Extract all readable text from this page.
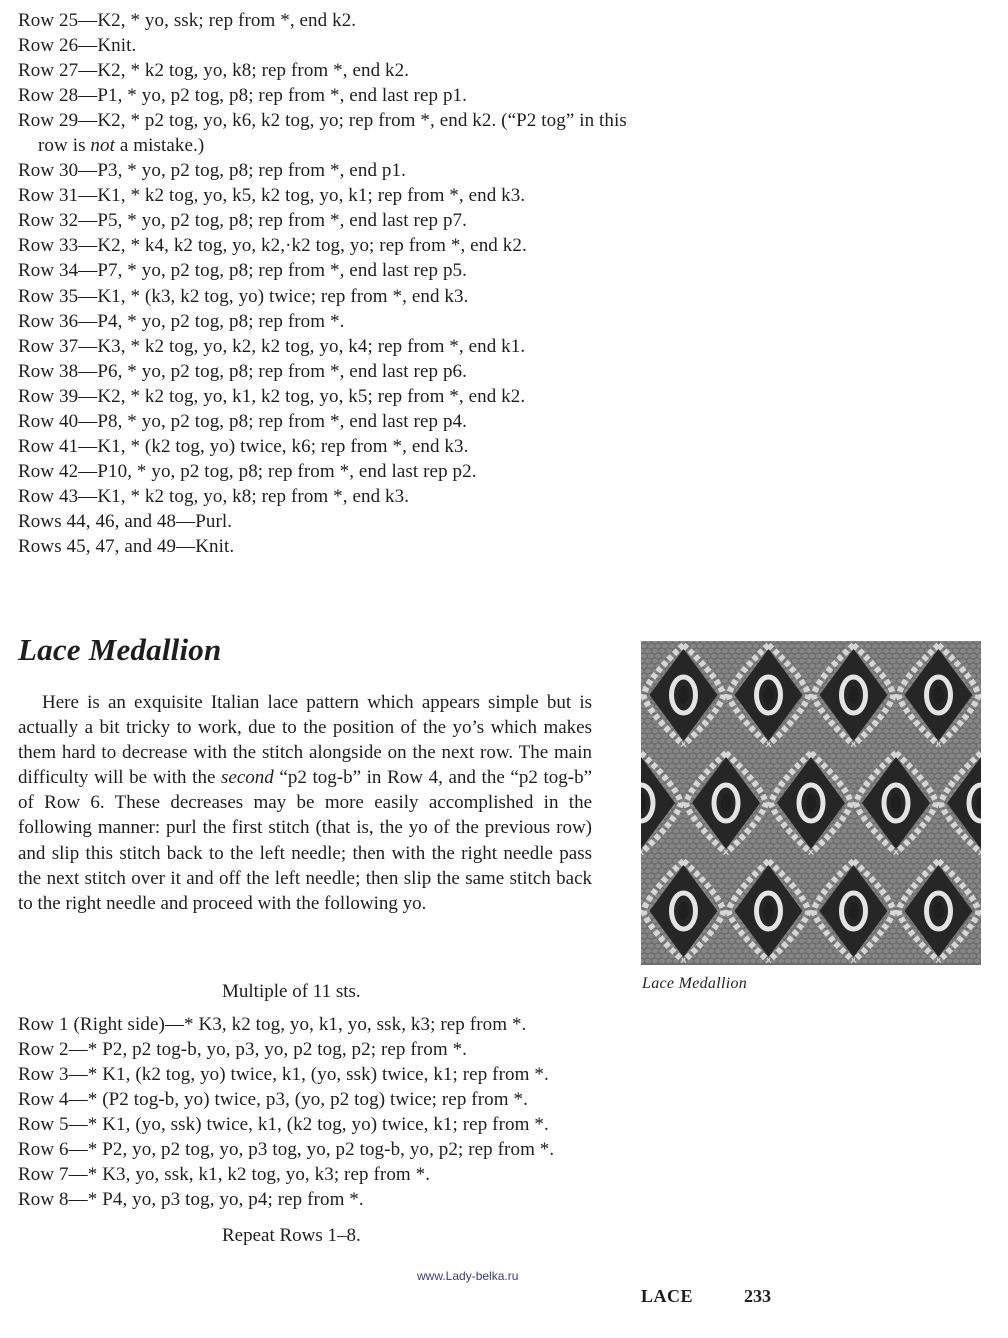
Row 25—K2, * yo, ssk; rep from *, end k2.
Row 26—Knit.
Row 27—K2, * k2 tog, yo, k8; rep from *, end k2.
Row 28—P1, * yo, p2 tog, p8; rep from *, end last rep p1.
Row 29—K2, * p2 tog, yo, k6, k2 tog, yo; rep from *, end k2. (“P2 tog” in this
row is not a mistake.)
Row 30—P3, * yo, p2 tog, p8; rep from *, end p1.
Row 31—K1, * k2 tog, yo, k5, k2 tog, yo, k1; rep from *, end k3.
Row 32—P5, * yo, p2 tog, p8; rep from *, end last rep p7.
Row 33—K2, * k4, k2 tog, yo, k2,·k2 tog, yo; rep from *, end k2.
Row 34—P7, * yo, p2 tog, p8; rep from *, end last rep p5.
Row 35—K1, * (k3, k2 tog, yo) twice; rep from *, end k3.
Row 36—P4, * yo, p2 tog, p8; rep from *.
Row 37—K3, * k2 tog, yo, k2, k2 tog, yo, k4; rep from *, end k1.
Row 38—P6, * yo, p2 tog, p8; rep from *, end last rep p6.
Row 39—K2, * k2 tog, yo, k1, k2 tog, yo, k5; rep from *, end k2.
Row 40—P8, * yo, p2 tog, p8; rep from *, end last rep p4.
Row 41—K1, * (k2 tog, yo) twice, k6; rep from *, end k3.
Row 42—P10, * yo, p2 tog, p8; rep from *, end last rep p2.
Row 43—K1, * k2 tog, yo, k8; rep from *, end k3.
Rows 44, 46, and 48—Purl.
Rows 45, 47, and 49—Knit.
Lace Medallion
Here is an exquisite Italian lace pattern which appears simple but is actually a bit tricky to work, due to the position of the yo’s which makes them hard to decrease with the stitch alongside on the next row. The main difficulty will be with the second “p2 tog-b” in Row 4, and the “p2 tog-b” of Row 6. These decreases may be more easily accomplished in the following manner: purl the first stitch (that is, the yo of the previous row) and slip this stitch back to the left needle; then with the right needle pass the next stitch over it and off the left needle; then slip the same stitch back to the right needle and proceed with the following yo.
Lace Medallion
Multiple of 11 sts.
Row 1 (Right side)—* K3, k2 tog, yo, k1, yo, ssk, k3; rep from *.
Row 2—* P2, p2 tog-b, yo, p3, yo, p2 tog, p2; rep from *.
Row 3—* K1, (k2 tog, yo) twice, k1, (yo, ssk) twice, k1; rep from *.
Row 4—* (P2 tog-b, yo) twice, p3, (yo, p2 tog) twice; rep from *.
Row 5—* K1, (yo, ssk) twice, k1, (k2 tog, yo) twice, k1; rep from *.
Row 6—* P2, yo, p2 tog, yo, p3 tog, yo, p2 tog-b, yo, p2; rep from *.
Row 7—* K3, yo, ssk, k1, k2 tog, yo, k3; rep from *.
Row 8—* P4, yo, p3 tog, yo, p4; rep from *.
Repeat Rows 1–8.
www.Lady-belka.ru
LACE	233
